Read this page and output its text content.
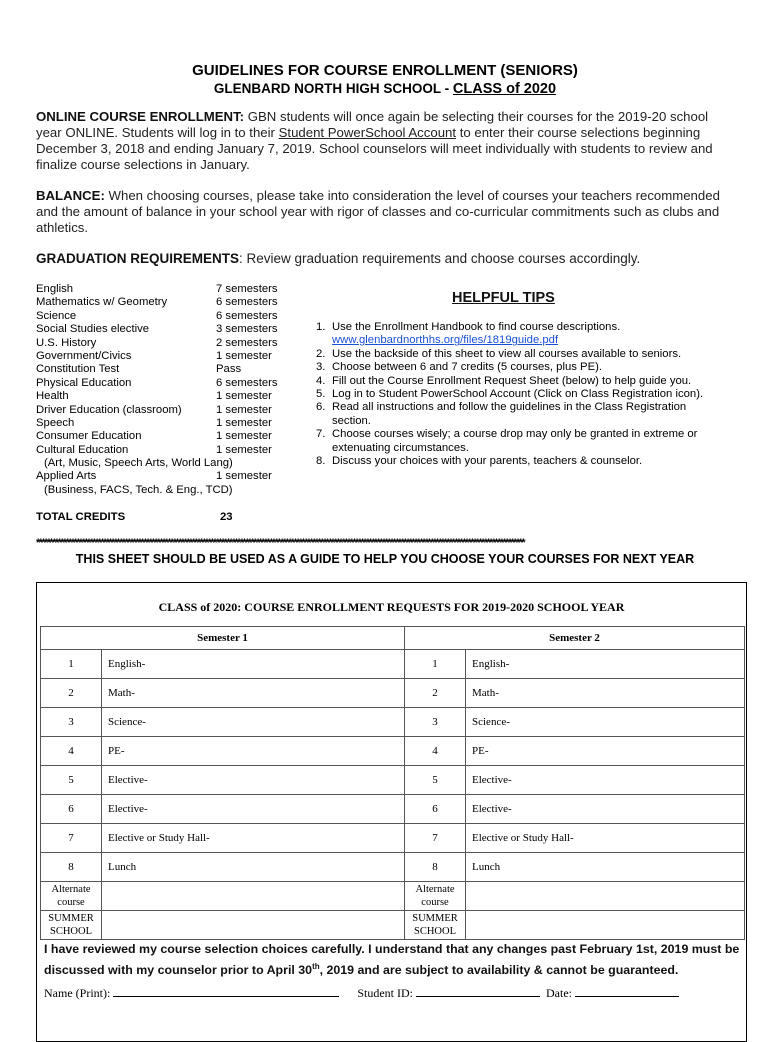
GUIDELINES FOR COURSE ENROLLMENT (SENIORS)
GLENBARD NORTH HIGH SCHOOL - CLASS of 2020
ONLINE COURSE ENROLLMENT: GBN students will once again be selecting their courses for the 2019-20 school year ONLINE. Students will log in to their Student PowerSchool Account to enter their course selections beginning December 3, 2018 and ending January 7, 2019. School counselors will meet individually with students to review and finalize course selections in January.
BALANCE: When choosing courses, please take into consideration the level of courses your teachers recommended and the amount of balance in your school year with rigor of classes and co-curricular commitments such as clubs and athletics.
GRADUATION REQUIREMENTS: Review graduation requirements and choose courses accordingly.
English	7 semesters
Mathematics w/ Geometry	6 semesters
Science	6 semesters
Social Studies elective	3 semesters
U.S. History	2 semesters
Government/Civics	1 semester
Constitution Test	Pass
Physical Education	6 semesters
Health	1 semester
Driver Education (classroom)	1 semester
Speech	1 semester
Consumer Education	1 semester
Cultural Education	1 semester
(Art, Music, Speech Arts, World Lang)
Applied Arts	1 semester
(Business, FACS, Tech. & Eng., TCD)
TOTAL CREDITS	23
HELPFUL TIPS
1. Use the Enrollment Handbook to find course descriptions.
www.glenbardnorthhs.org/files/1819guide.pdf
2. Use the backside of this sheet to view all courses available to seniors.
3. Choose between 6 and 7 credits (5 courses, plus PE).
4. Fill out the Course Enrollment Request Sheet (below) to help guide you.
5. Log in to Student PowerSchool Account (Click on Class Registration icon).
6. Read all instructions and follow the guidelines in the Class Registration section.
7. Choose courses wisely; a course drop may only be granted in extreme or extenuating circumstances.
8. Discuss your choices with your parents, teachers & counselor.
**************************************************************************************************************************************************************************************
THIS SHEET SHOULD BE USED AS A GUIDE TO HELP YOU CHOOSE YOUR COURSES FOR NEXT YEAR
CLASS of 2020: COURSE ENROLLMENT REQUESTS FOR 2019-2020 SCHOOL YEAR
Semester 1		Semester 2	
1	English-	1	English-
2	Math-	2	Math-
3	Science-	3	Science-
4	PE-	4	PE-
5	Elective-	5	Elective-
6	Elective-	6	Elective-
7	Elective or Study Hall-	7	Elective or Study Hall-
8	Lunch	8	Lunch
Alternate course		Alternate course	
SUMMER SCHOOL		SUMMER SCHOOL	
I have reviewed my course selection choices carefully. I understand that any changes past February 1st, 2019 must be discussed with my counselor prior to April 30th, 2019 and are subject to availability & cannot be guaranteed.
Name (Print):	Student ID:	Date:
